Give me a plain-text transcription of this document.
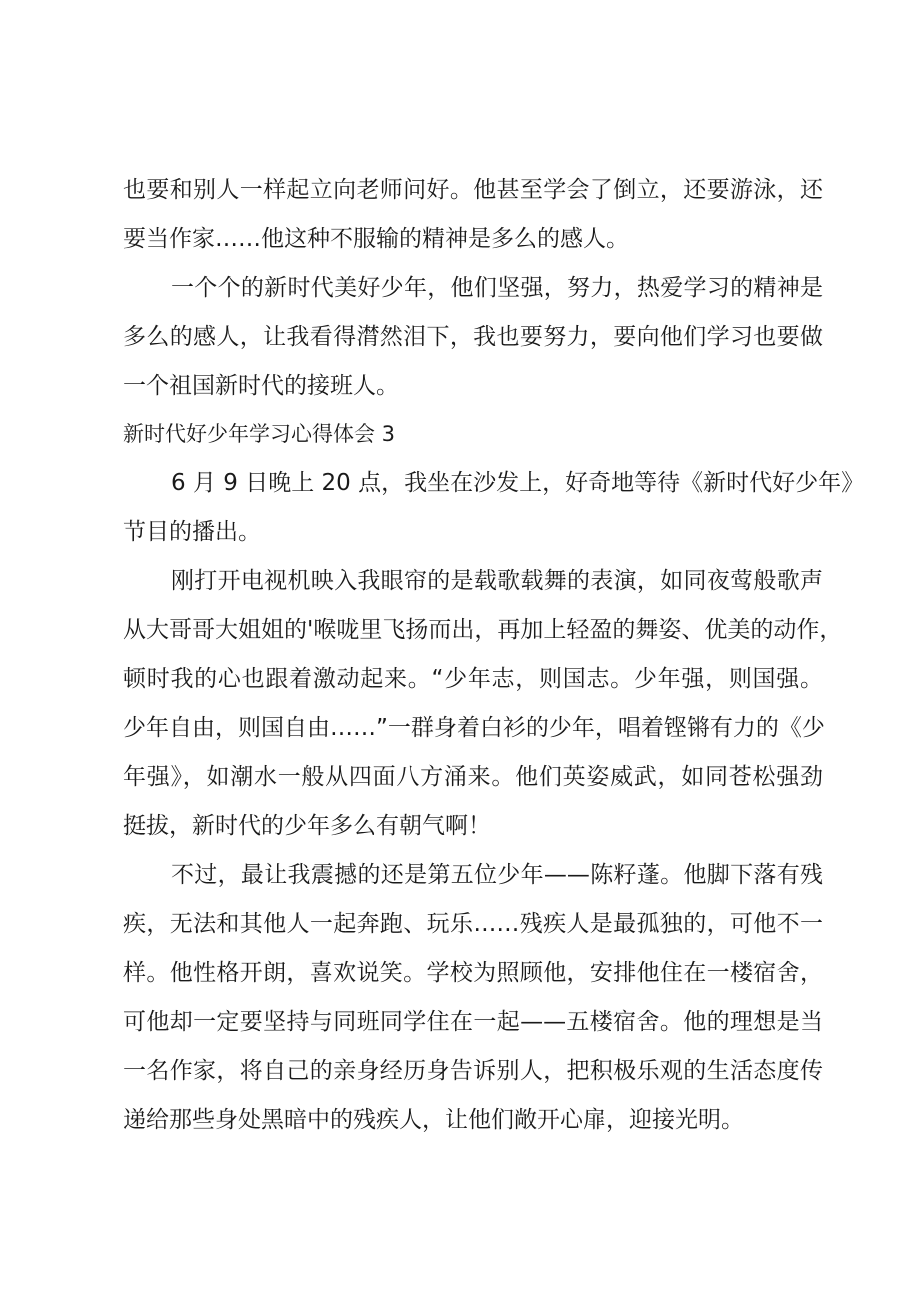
也要和别人一样起立向老师问好。他甚至学会了倒立，还要游泳，还
要当作家……他这种不服输的精神是多么的感人。
一个个的新时代美好少年，他们坚强，努力，热爱学习的精神是
多么的感人，让我看得潸然泪下，我也要努力，要向他们学习也要做
一个祖国新时代的接班人。
新时代好少年学习心得体会 3
6 月 9 日晚上 20 点，我坐在沙发上，好奇地等待《新时代好少年》
节目的播出。
刚打开电视机映入我眼帘的是载歌载舞的表演，如同夜莺般歌声
从大哥哥大姐姐的'喉咙里飞扬而出，再加上轻盈的舞姿、优美的动作，
顿时我的心也跟着激动起来。“少年志，则国志。少年强，则国强。
少年自由，则国自由……”一群身着白衫的少年，唱着铿锵有力的《少
年强》，如潮水一般从四面八方涌来。他们英姿威武，如同苍松强劲
挺拔，新时代的少年多么有朝气啊！
不过，最让我震撼的还是第五位少年——陈籽蓬。他脚下落有残
疾，无法和其他人一起奔跑、玩乐……残疾人是最孤独的，可他不一
样。他性格开朗，喜欢说笑。学校为照顾他，安排他住在一楼宿舍，
可他却一定要坚持与同班同学住在一起——五楼宿舍。他的理想是当
一名作家，将自己的亲身经历身告诉别人，把积极乐观的生活态度传
递给那些身处黑暗中的残疾人，让他们敞开心扉，迎接光明。
